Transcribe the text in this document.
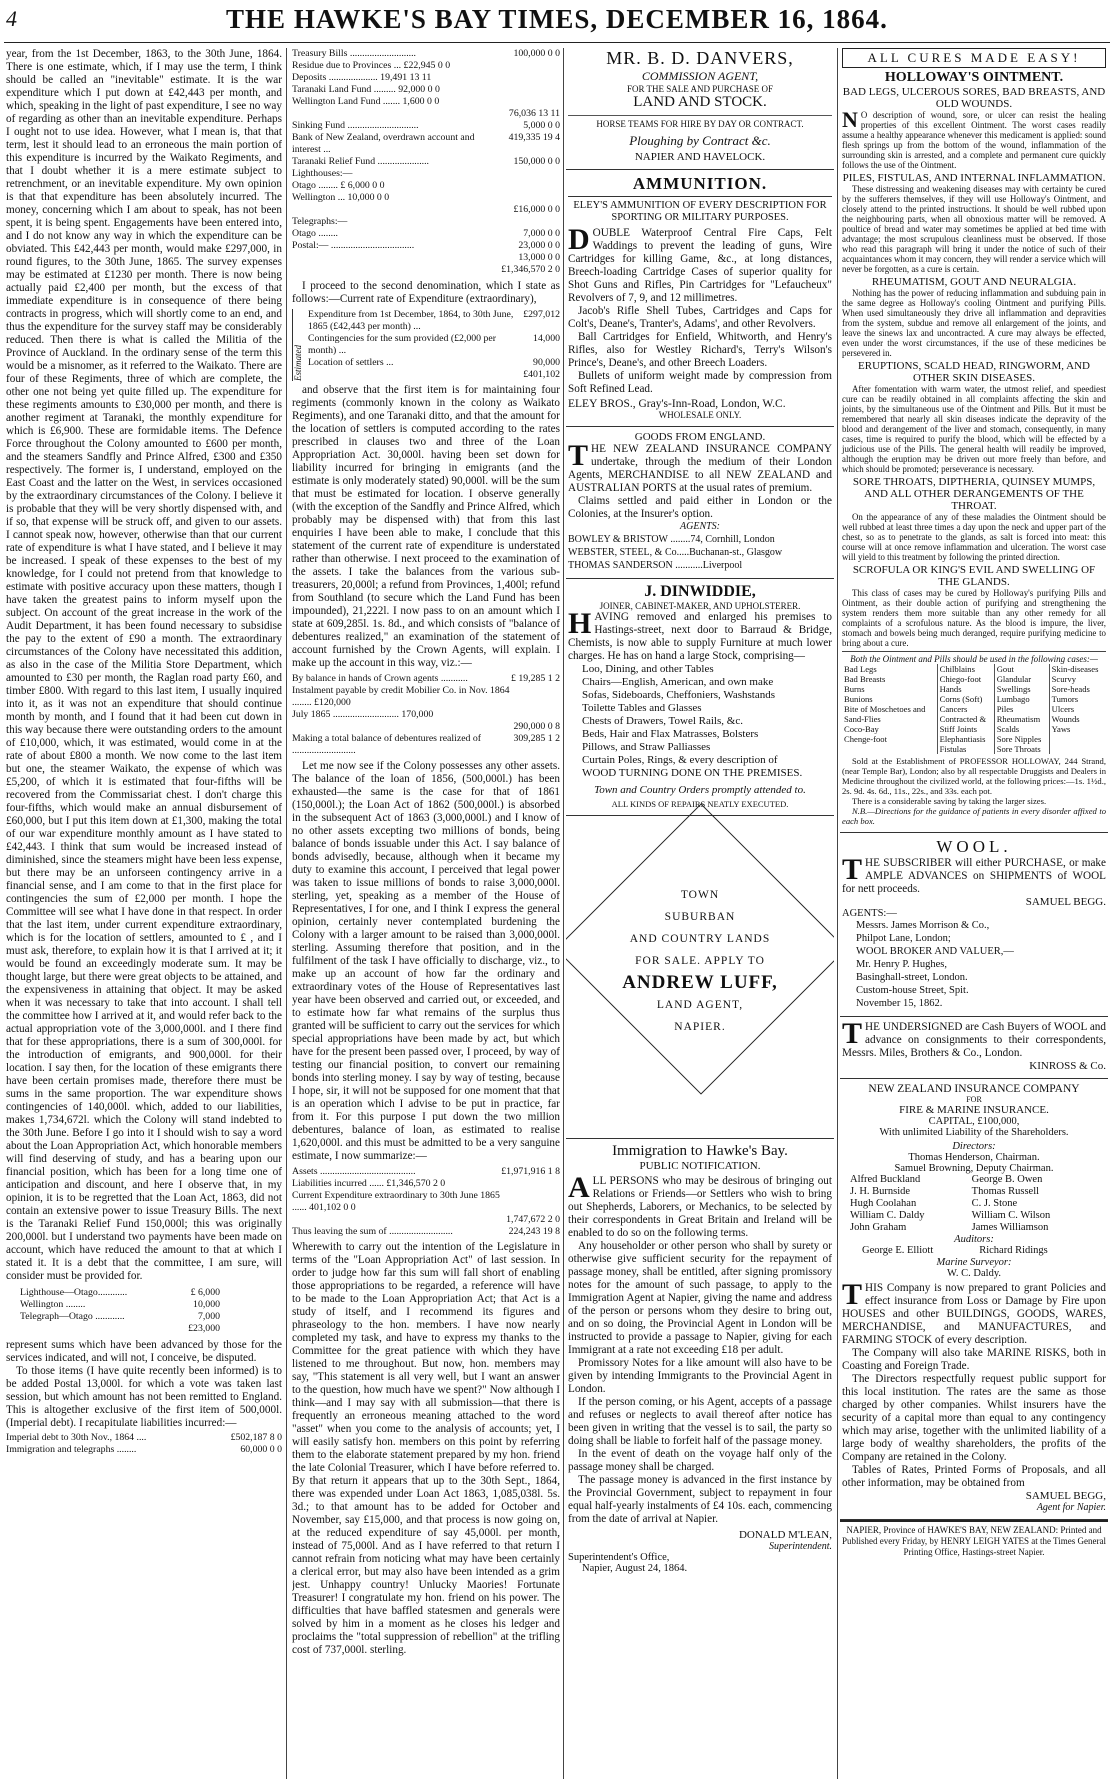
4	THE HAWKE'S BAY TIMES, DECEMBER 16, 1864.

year, from the 1st December, 1863, to the 30th June, 1864. There is one estimate, which, if I may use the term, I think should be called an "inevitable" estimate. It is the war expenditure which I put down at £42,443 per month, and which, speaking in the light of past expenditure, I see no way of regarding as other than an inevitable expenditure. Perhaps I ought not to use idea. However, what I mean is, that that term, lest it should lead to an erroneous the main portion of this expenditure is incurred by the Waikato Regiments, and that I doubt whether it is a mere estimate subject to retrenchment, or an inevitable expenditure. My own opinion is that that expenditure has been absolutely incurred. The money, concerning which I am about to speak, has not been spent, it is being spent. Engagements have been entered into, and I do not know any way in which the expenditure can be obviated. This £42,443 per month, would make £297,000, in round figures, to the 30th June, 1865. The survey expenses may be estimated at £1230 per month. There is now being actually paid £2,400 per month, but the excess of that immediate expenditure is in consequence of there being contracts in progress, which will shortly come to an end, and thus the expenditure for the survey staff may be considerably reduced. Then there is what is called the Militia of the Province of Auckland. In the ordinary sense of the term this would be a misnomer, as it referred to the Waikato. There are four of these Regiments, three of which are complete, the other one not being yet quite filled up. The expenditure for these regiments amounts to £30,000 per month, and there is another regiment at Taranaki, the monthly expenditure for which is £6,900. These are formidable items. The Defence Force throughout the Colony amounted to £600 per month, and the steamers Sandfly and Prince Alfred, £300 and £350 respectively. The former is, I understand, employed on the East Coast and the latter on the West, in services occasioned by the extraordinary circumstances of the Colony. I believe it is probable that they will be very shortly dispensed with, and if so, that expense will be struck off, and given to our assets. I cannot speak now, however, otherwise than that our current rate of expenditure is what I have stated, and I believe it may be increased. I speak of these expenses to the best of my knowledge, for I could not pretend from that knowledge to estimate with positive accuracy upon these matters, though I have taken the greatest pains to inform myself upon the subject. On account of the great increase in the work of the Audit Department, it has been found necessary to subsidise the pay to the extent of £90 a month. The extraordinary circumstances of the Colony have necessitated this addition, as also in the case of the Militia Store Department, which amounted to £30 per month, the Raglan road party £60, and timber £800. With regard to this last item, I usually inquired into it, as it was not an expenditure that should continue month by month, and I found that it had been cut down in this way because there were outstanding orders to the amount of £10,000, which, it was estimated, would come in at the rate of about £800 a month. We now come to the last item but one, the steamer Waikato, the expense of which was £5,200, of which it is estimated that four-fifths will be recovered from the Commissariat chest. I don't charge this four-fifths, which would make an annual disbursement of £60,000, but I put this item down at £1,300, making the total of our war expenditure monthly amount as I have stated to £42,443. I think that sum would be increased instead of diminished, since the steamers might have been less expense, but there may be an unforseen contingency arrive in a financial sense, and I am come to that in the first place for contingencies the sum of £2,000 per month. I hope the Committee will see what I have done in that respect. In order that the last item, under current expenditure extraordinary, which is for the location of settlers, amounted to £ , and I must ask, therefore, to explain how it is that I arrived at it; it would be found an exceedingly moderate sum. It may be thought large, but there were great objects to be attained, and the expensiveness in attaining that object. It may be asked when it was necessary to take that into account. I shall tell the committee how I arrived at it, and would refer back to the actual appropriation vote of the 3,000,000l. and I there find that for these appropriations, there is a sum of 300,000l. for the introduction of emigrants, and 900,000l. for their location. I say then, for the location of these emigrants there have been certain promises made, therefore there must be sums in the same proportion. The war expenditure shows contingencies of 140,000l. which, added to our liabilities, makes 1,734,672l. which the Colony will stand indebted to the 30th June. Before I go into it I should wish to say a word about the Loan Appropriation Act, which honorable members will find deserving of study, and has a bearing upon our financial position, which has been for a long time one of anticipation and discount, and here I observe that, in my opinion, it is to be regretted that the Loan Act, 1863, did not contain an extensive power to issue Treasury Bills. The next is the Taranaki Relief Fund 150,000l; this was originally 200,000l. but I understand two payments have been made on account, which have reduced the amount to that at which I stated it. It is a debt that the committee, I am sure, will consider must be provided for.

Lighthouse—Otago............	£ 6,000
Wellington ........	10,000
Telegraph—Otago ............	7,000
	£23,000

represent sums which have been advanced by those for the services indicated, and will not, I conceive, be disputed.

To those items (I have quite recently been informed) is to be added Postal 13,000l. for which a vote was taken last session, but which amount has not been remitted to England. This is altogether exclusive of the first item of 500,000l. (Imperial debt). I recapitulate liabilities incurred:—

Imperial debt to 30th Nov., 1864 ....	£502,187 8 0
Immigration and telegraphs ........	60,000 0 0
Treasury Bills ...........................	100,000 0 0
Residue due to Provinces ... £22,945 0 0	
Deposits .................... 19,491 13 11	
Taranaki Land Fund ......... 92,000 0 0	
Wellington Land Fund ....... 1,600 0 0	
	76,036 13 11
Sinking Fund .............................	5,000 0 0
Bank of New Zealand, overdrawn account and interest ...	419,335 19 4
Taranaki Relief Fund .....................	150,000 0 0
Lighthouses:—	
Otago ........ £ 6,000 0 0	
Wellington ... 10,000 0 0	
	£16,000 0 0
Telegraphs:—	
Otago ........	7,000 0 0
Postal:— ..................................	23,000 0 0
	13,000 0 0
	£1,346,570 2 0

I proceed to the second denomination, which I state as follows:—Current rate of Expenditure (extraordinary),

Estimated
Expenditure from 1st December, 1864, to 30th June, 1865 (£42,443 per month) ...	£297,012
Contingencies for the sum provided (£2,000 per month) ...	14,000
Location of settlers ...	90,000
	£401,102

and observe that the first item is for maintaining four regiments (commonly known in the colony as Waikato Regiments), and one Taranaki ditto, and that the amount for the location of settlers is computed according to the rates prescribed in clauses two and three of the Loan Appropriation Act. 30,000l. having been set down for liability incurred for bringing in emigrants (and the estimate is only moderately stated) 90,000l. will be the sum that must be estimated for location. I observe generally (with the exception of the Sandfly and Prince Alfred, which probably may be dispensed with) that from this last enquiries I have been able to make, I conclude that this statement of the current rate of expenditure is understated rather than otherwise. I next proceed to the examination of the assets. I take the balances from the various sub-treasurers, 20,000l; a refund from Provinces, 1,400l; refund from Southland (to secure which the Land Fund has been impounded), 21,222l. I now pass to on an amount which I state at 609,285l. 1s. 8d., and which consists of "balance of debentures realized," an examination of the statement of account furnished by the Crown Agents, will explain. I make up the account in this way, viz.:—

By balance in hands of Crown agents ...........	£ 19,285 1 2
Instalment payable by credit Mobilier Co. in Nov. 1864 ........ £120,000	
July 1865 ........................... 170,000	
	290,000 0 8
Making a total balance of debentures realized of ..........................	309,285 1 2

Let me now see if the Colony possesses any other assets. The balance of the loan of 1856, (500,000l.) has been exhausted—the same is the case for that of 1861 (150,000l.); the Loan Act of 1862 (500,000l.) is absorbed in the subsequent Act of 1863 (3,000,000l.) and I know of no other assets excepting two millions of bonds, being balance of bonds issuable under this Act. I say balance of bonds advisedly, because, although when it became my duty to examine this account, I perceived that legal power was taken to issue millions of bonds to raise 3,000,000l. sterling, yet, speaking as a member of the House of Representatives, I for one, and I think I express the general opinion, certainly never contemplated burdening the Colony with a larger amount to be raised than 3,000,000l. sterling. Assuming therefore that position, and in the fulfilment of the task I have officially to discharge, viz., to make up an account of how far the ordinary and extraordinary votes of the House of Representatives last year have been observed and carried out, or exceeded, and to estimate how far what remains of the surplus thus granted will be sufficient to carry out the services for which special appropriations have been made by act, but which have for the present been passed over, I proceed, by way of testing our financial position, to convert our remaining bonds into sterling money. I say by way of testing, because I hope, sir, it will not be supposed for one moment that that is an operation which I advise to be put in practice, far from it. For this purpose I put down the two million debentures, balance of loan, as estimated to realise 1,620,000l. and this must be admitted to be a very sanguine estimate, I now summarize:—

Assets .......................................	£1,971,916 1 8
Liabilities incurred ...... £1,346,570 2 0	
Current Expenditure extraordinary to 30th June 1865 ...... 401,102 0 0	
	1,747,672 2 0
Thus leaving the sum of ..........................	224,243 19 8

Wherewith to carry out the intention of the Legislature in terms of the "Loan Appropriation Act" of last session. In order to judge how far this sum will fall short of enabling those appropriations to be regarded, a reference will have to be made to the Loan Appropriation Act; that Act is a study of itself, and I recommend its figures and phraseology to the hon. members. I have now nearly completed my task, and have to express my thanks to the Committee for the great patience with which they have listened to me throughout. But now, hon. members may say, "This statement is all very well, but I want an answer to the question, how much have we spent?" Now although I think—and I may say with all submission—that there is frequently an erroneous meaning attached to the word "asset" when you come to the analysis of accounts; yet, I will easily satisfy hon. members on this point by referring them to the elaborate statement prepared by my hon. friend the late Colonial Treasurer, which I have before referred to. By that return it appears that up to the 30th Sept., 1864, there was expended under Loan Act 1863, 1,085,038l. 5s. 3d.; to that amount has to be added for October and November, say £15,000, and that process is now going on, at the reduced expenditure of say 45,000l. per month, instead of 75,000l. And as I have referred to that return I cannot refrain from noticing what may have been certainly a clerical error, but may also have been intended as a grim jest. Unhappy country! Unlucky Maories! Fortunate Treasurer! I congratulate my hon. friend on his power. The difficulties that have baffled statesmen and generals were solved by him in a moment as he closes his ledger and proclaims the "total suppression of rebellion" at the trifling cost of 737,000l. sterling.

MR. B. D. DANVERS,
COMMISSION AGENT,
FOR THE SALE AND PURCHASE OF
LAND AND STOCK.
HORSE TEAMS FOR HIRE BY DAY OR CONTRACT.
Ploughing by Contract &c.
NAPIER AND HAVELOCK.
AMMUNITION.
ELEY'S AMMUNITION OF EVERY DESCRIPTION FOR SPORTING OR MILITARY PURPOSES.

DOUBLE Waterproof Central Fire Caps, Felt Waddings to prevent the leading of guns, Wire Cartridges for killing Game, &c., at long distances, Breech-loading Cartridge Cases of superior quality for Shot Guns and Rifles, Pin Cartridges for "Lefaucheux" Revolvers of 7, 9, and 12 millimetres.

Jacob's Rifle Shell Tubes, Cartridges and Caps for Colt's, Deane's, Tranter's, Adams', and other Revolvers.

Ball Cartridges for Enfield, Whitworth, and Henry's Rifles, also for Westley Richard's, Terry's Wilson's Prince's, Deane's, and other Breech Loaders.

Bullets of uniform weight made by compression from Soft Refined Lead.

ELEY BROS., Gray's-Inn-Road, London, W.C.
WHOLESALE ONLY.
GOODS FROM ENGLAND.

THE NEW ZEALAND INSURANCE COMPANY undertake, through the medium of their London Agents, MERCHANDISE to all NEW ZEALAND and AUSTRALIAN PORTS at the usual rates of premium.

Claims settled and paid either in London or the Colonies, at the Insurer's option.

AGENTS:
BOWLEY & BRISTOW ........74, Cornhill, London
WEBSTER, STEEL, & Co.....Buchanan-st., Glasgow
THOMAS SANDERSON ...........Liverpool
J. DINWIDDIE,
JOINER, CABINET-MAKER, AND UPHOLSTERER.

HAVING removed and enlarged his premises to Hastings-street, next door to Barraud & Bridge, Chemists, is now able to supply Furniture at much lower charges. He has on hand a large Stock, comprising—

Loo, Dining, and other Tables
Chairs—English, American, and own make
Sofas, Sideboards, Cheffoniers, Washstands
Toilette Tables and Glasses
Chests of Drawers, Towel Rails, &c.
Beds, Hair and Flax Matrasses, Bolsters
Pillows, and Straw Palliasses
Curtain Poles, Rings, & every description of
WOOD TURNING DONE ON THE PREMISES.
Town and Country Orders promptly attended to.
ALL KINDS OF REPAIRS NEATLY EXECUTED.
TOWN
SUBURBAN
AND COUNTRY LANDS
FOR SALE. APPLY TO
ANDREW LUFF,
LAND AGENT,
NAPIER.
Immigration to Hawke's Bay.
PUBLIC NOTIFICATION.

ALL PERSONS who may be desirous of bringing out Relations or Friends—or Settlers who wish to bring out Shepherds, Laborers, or Mechanics, to be selected by their correspondents in Great Britain and Ireland will be enabled to do so on the following terms.

Any householder or other person who shall by surety or otherwise give sufficient security for the repayment of passage money, shall be entitled, after signing promissory notes for the amount of such passage, to apply to the Immigration Agent at Napier, giving the name and address of the person or persons whom they desire to bring out, and on so doing, the Provincial Agent in London will be instructed to provide a passage to Napier, giving for each Immigrant at a rate not exceeding £18 per adult.

Promissory Notes for a like amount will also have to be given by intending Immigrants to the Provincial Agent in London.

If the person coming, or his Agent, accepts of a passage and refuses or neglects to avail thereof after notice has been given in writing that the vessel is to sail, the party so doing shall be liable to forfeit half of the passage money.

In the event of death on the voyage half only of the passage money shall be charged.

The passage money is advanced in the first instance by the Provincial Government, subject to repayment in four equal half-yearly instalments of £4 10s. each, commencing from the date of arrival at Napier.

DONALD M'LEAN,
Superintendent.
Superintendent's Office,
Napier, August 24, 1864.
ALL CURES MADE EASY!
HOLLOWAY'S OINTMENT.
BAD LEGS, ULCEROUS SORES, BAD BREASTS, AND OLD WOUNDS.

N O description of wound, sore, or ulcer can resist the healing properties of this excellent Ointment. The worst cases readily assume a healthy appearance whenever this medicament is applied: sound flesh springs up from the bottom of the wound, inflammation of the surrounding skin is arrested, and a complete and permanent cure quickly follows the use of the Ointment.

PILES, FISTULAS, AND INTERNAL INFLAMMATION.

These distressing and weakening diseases may with certainty be cured by the sufferers themselves, if they will use Holloway's Ointment, and closely attend to the printed instructions. It should be well rubbed upon the neighbouring parts, when all obnoxious matter will be removed. A poultice of bread and water may sometimes be applied at bed time with advantage; the most scrupulous cleanliness must be observed. If those who read this paragraph will bring it under the notice of such of their acquaintances whom it may concern, they will render a service which will never be forgotten, as a cure is certain.

RHEUMATISM, GOUT AND NEURALGIA.

Nothing has the power of reducing inflammation and subduing pain in the same degree as Holloway's cooling Ointment and purifying Pills. When used simultaneously they drive all inflammation and depravities from the system, subdue and remove all enlargement of the joints, and leave the sinews lax and uncontracted. A cure may always be effected, even under the worst circumstances, if the use of these medicines be persevered in.

ERUPTIONS, SCALD HEAD, RINGWORM, AND OTHER SKIN DISEASES.

After fomentation with warm water, the utmost relief, and speediest cure can be readily obtained in all complaints affecting the skin and joints, by the simultaneous use of the Ointment and Pills. But it must be remembered that nearly all skin diseases indicate the depravity of the blood and derangement of the liver and stomach, consequently, in many cases, time is required to purify the blood, which will be effected by a judicious use of the Pills. The general health will readily be improved, although the eruption may be driven out more freely than before, and which should be promoted; perseverance is necessary.

SORE THROATS, DIPTHERIA, QUINSEY MUMPS, AND ALL OTHER DERANGEMENTS OF THE THROAT.

On the appearance of any of these maladies the Ointment should be well rubbed at least three times a day upon the neck and upper part of the chest, so as to penetrate to the glands, as salt is forced into meat: this course will at once remove inflammation and ulceration. The worst case will yield to this treatment by following the printed direction.

SCROFULA OR KING'S EVIL AND SWELLING OF THE GLANDS.

This class of cases may be cured by Holloway's purifying Pills and Ointment, as their double action of purifying and strengthening the system renders them more suitable than any other remedy for all complaints of a scrofulous nature. As the blood is impure, the liver, stomach and bowels being much deranged, require purifying medicine to bring about a cure.

Both the Ointment and Pills should be used in the following cases:—
Bad Legs	Chilblains	Gout	Skin-diseases
Bad Breasts	Chiego-foot	Glandular	Scurvy
Burns	Hands	Swellings	Sore-heads
Bunions	Corns (Soft)	Lumbago	Tumors
Bite of Moschetoes and	Cancers	Piles	Ulcers
Sand-Flies	Contracted &	Rheumatism	Wounds
Coco-Bay	Stiff Joints	Scalds	Yaws
Chenge-foot	Elephantiasis	Sore Nipples	
	Fistulas	Sore Throats	

Sold at the Establishment of PROFESSOR HOLLOWAY, 244 Strand, (near Temple Bar), London; also by all respectable Druggists and Dealers in Medicine throughout the civilized world, at the following prices:—1s. 1½d., 2s. 9d. 4s. 6d., 11s., 22s., and 33s. each pot.

There is a considerable saving by taking the larger sizes.

N.B.—Directions for the guidance of patients in every disorder affixed to each box.

WOOL.

THE SUBSCRIBER will either PURCHASE, or make AMPLE ADVANCES on SHIPMENTS of WOOL for nett proceeds.

SAMUEL BEGG.
AGENTS:—
Messrs. James Morrison & Co.,
Philpot Lane, London;
WOOL BROKER AND VALUER,—
Mr. Henry P. Hughes,
Basinghall-street, London.
Custom-house Street, Spit.
November 15, 1862.

THE UNDERSIGNED are Cash Buyers of WOOL and advance on consignments to their correspondents, Messrs. Miles, Brothers & Co., London.

KINROSS & Co.
NEW ZEALAND INSURANCE COMPANY
FOR
FIRE & MARINE INSURANCE.
CAPITAL, £100,000,
With unlimited Liability of the Shareholders.
Directors:
Thomas Henderson, Chairman.
Samuel Browning, Deputy Chairman.
Alfred Buckland	George B. Owen
J. H. Burnside	Thomas Russell
Hugh Coolahan	C. J. Stone
William C. Daldy	William C. Wilson
John Graham	James Williamson
Auditors:
George E. Elliott	Richard Ridings
Marine Surveyor:
W. C. Daldy.

THIS Company is now prepared to grant Policies and effect insurance from Loss or Damage by Fire upon HOUSES and other BUILDINGS, GOODS, WARES, MERCHANDISE, and MANUFACTURES, and FARMING STOCK of every description.

The Company will also take MARINE RISKS, both in Coasting and Foreign Trade.

The Directors respectfully request public support for this local institution. The rates are the same as those charged by other companies. Whilst insurers have the security of a capital more than equal to any contingency which may arise, together with the unlimited liability of a large body of wealthy shareholders, the profits of the Company are retained in the Colony.

Tables of Rates, Printed Forms of Proposals, and all other information, may be obtained from

SAMUEL BEGG,
Agent for Napier.
NAPIER, Province of HAWKE'S BAY, NEW ZEALAND: Printed and Published every Friday, by HENRY LEIGH YATES at the Times General Printing Office, Hastings-street Napier.
